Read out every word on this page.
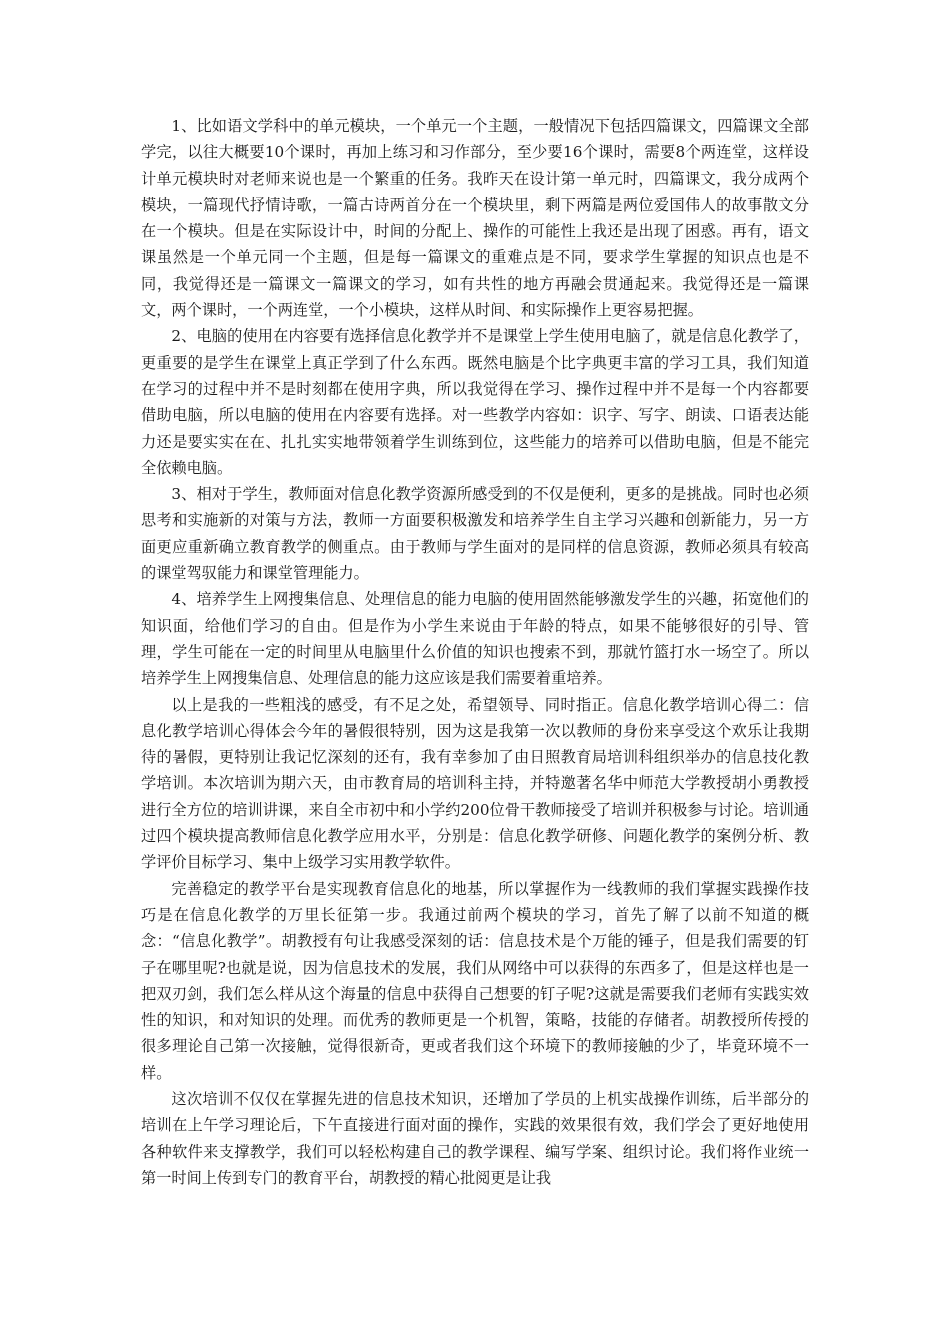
1、比如语文学科中的单元模块，一个单元一个主题，一般情况下包括四篇课文，四篇课文全部学完，以往大概要10个课时，再加上练习和习作部分，至少要16个课时，需要8个两连堂，这样设计单元模块时对老师来说也是一个繁重的任务。我昨天在设计第一单元时，四篇课文，我分成两个模块，一篇现代抒情诗歌，一篇古诗两首分在一个模块里，剩下两篇是两位爱国伟人的故事散文分在一个模块。但是在实际设计中，时间的分配上、操作的可能性上我还是出现了困惑。再有，语文课虽然是一个单元同一个主题，但是每一篇课文的重难点是不同，要求学生掌握的知识点也是不同，我觉得还是一篇课文一篇课文的学习，如有共性的地方再融会贯通起来。我觉得还是一篇课文，两个课时，一个两连堂，一个小模块，这样从时间、和实际操作上更容易把握。

2、电脑的使用在内容要有选择信息化教学并不是课堂上学生使用电脑了，就是信息化教学了，更重要的是学生在课堂上真正学到了什么东西。既然电脑是个比字典更丰富的学习工具，我们知道在学习的过程中并不是时刻都在使用字典，所以我觉得在学习、操作过程中并不是每一个内容都要借助电脑，所以电脑的使用在内容要有选择。对一些教学内容如：识字、写字、朗读、口语表达能力还是要实实在在、扎扎实实地带领着学生训练到位，这些能力的培养可以借助电脑，但是不能完全依赖电脑。

3、相对于学生，教师面对信息化教学资源所感受到的不仅是便利，更多的是挑战。同时也必须思考和实施新的对策与方法，教师一方面要积极激发和培养学生自主学习兴趣和创新能力，另一方面更应重新确立教育教学的侧重点。由于教师与学生面对的是同样的信息资源，教师必须具有较高的课堂驾驭能力和课堂管理能力。

4、培养学生上网搜集信息、处理信息的能力电脑的使用固然能够激发学生的兴趣，拓宽他们的知识面，给他们学习的自由。但是作为小学生来说由于年龄的特点，如果不能够很好的引导、管理，学生可能在一定的时间里从电脑里什么价值的知识也搜索不到，那就竹篮打水一场空了。所以培养学生上网搜集信息、处理信息的能力这应该是我们需要着重培养。

以上是我的一些粗浅的感受，有不足之处，希望领导、同时指正。信息化教学培训心得二：信息化教学培训心得体会今年的暑假很特别，因为这是我第一次以教师的身份来享受这个欢乐让我期待的暑假，更特别让我记忆深刻的还有，我有幸参加了由日照教育局培训科组织举办的信息技化教学培训。本次培训为期六天，由市教育局的培训科主持，并特邀著名华中师范大学教授胡小勇教授进行全方位的培训讲课，来自全市初中和小学约200位骨干教师接受了培训并积极参与讨论。培训通过四个模块提高教师信息化教学应用水平，分别是：信息化教学研修、问题化教学的案例分析、教学评价目标学习、集中上级学习实用教学软件。

完善稳定的教学平台是实现教育信息化的地基，所以掌握作为一线教师的我们掌握实践操作技巧是在信息化教学的万里长征第一步。我通过前两个模块的学习，首先了解了以前不知道的概念：“信息化教学”。胡教授有句让我感受深刻的话：信息技术是个万能的锤子，但是我们需要的钉子在哪里呢?也就是说，因为信息技术的发展，我们从网络中可以获得的东西多了，但是这样也是一把双刃剑，我们怎么样从这个海量的信息中获得自己想要的钉子呢?这就是需要我们老师有实践实效性的知识，和对知识的处理。而优秀的教师更是一个机智，策略，技能的存储者。胡教授所传授的很多理论自己第一次接触，觉得很新奇，更或者我们这个环境下的教师接触的少了，毕竟环境不一样。

这次培训不仅仅在掌握先进的信息技术知识，还增加了学员的上机实战操作训练，后半部分的培训在上午学习理论后，下午直接进行面对面的操作，实践的效果很有效，我们学会了更好地使用各种软件来支撑教学，我们可以轻松构建自己的教学课程、编写学案、组织讨论。我们将作业统一第一时间上传到专门的教育平台，胡教授的精心批阅更是让我
